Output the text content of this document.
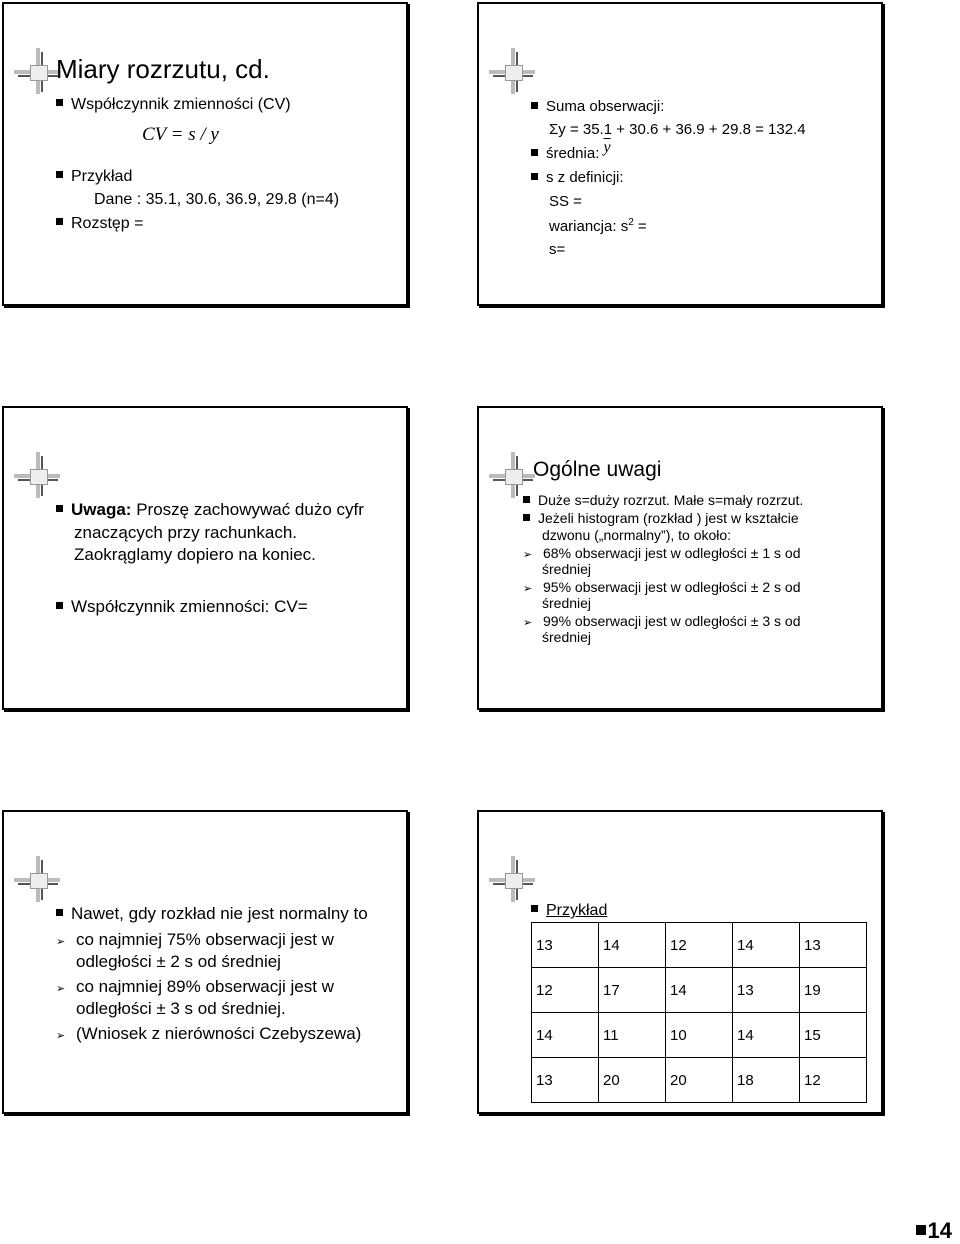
Miary rozrzutu, cd.
Współczynnik zmienności (CV)
CV = s / y
Przykład
Dane : 35.1, 30.6, 36.9, 29.8 (n=4)
Rozstęp =
Suma obserwacji:
Σy = 35.1 + 30.6 + 36.9 + 29.8 = 132.4
średnia: $\overline{y}$
s z definicji:
SS =
wariancja: $s^2$ =
s=
Uwaga: Proszę zachowywać dużo cyfr
znaczących przy rachunkach.
Zaokrąglamy dopiero na koniec.
Współczynnik zmienności: CV=
Ogólne uwagi
Duże s=duży rozrzut. Małe s=mały rozrzut.
Jeżeli histogram (rozkład ) jest w kształcie
dzwonu („normalny”), to około:
➢ 68% obserwacji jest w odległości ± 1 s od
średniej
➢ 95% obserwacji jest w odległości ± 2 s od
średniej
➢ 99% obserwacji jest w odległości ± 3 s od
średniej
Nawet, gdy rozkład nie jest normalny to
➢ co najmniej 75% obserwacji jest w
odległości ± 2 s od średniej
➢ co najmniej 89% obserwacji jest w
odległości ± 3 s od średniej.
➢ (Wniosek z nierówności Czebyszewa)
Przykład
13	14	12	14	13
12	17	14	13	19
14	11	10	14	15
13	20	20	18	12
14
